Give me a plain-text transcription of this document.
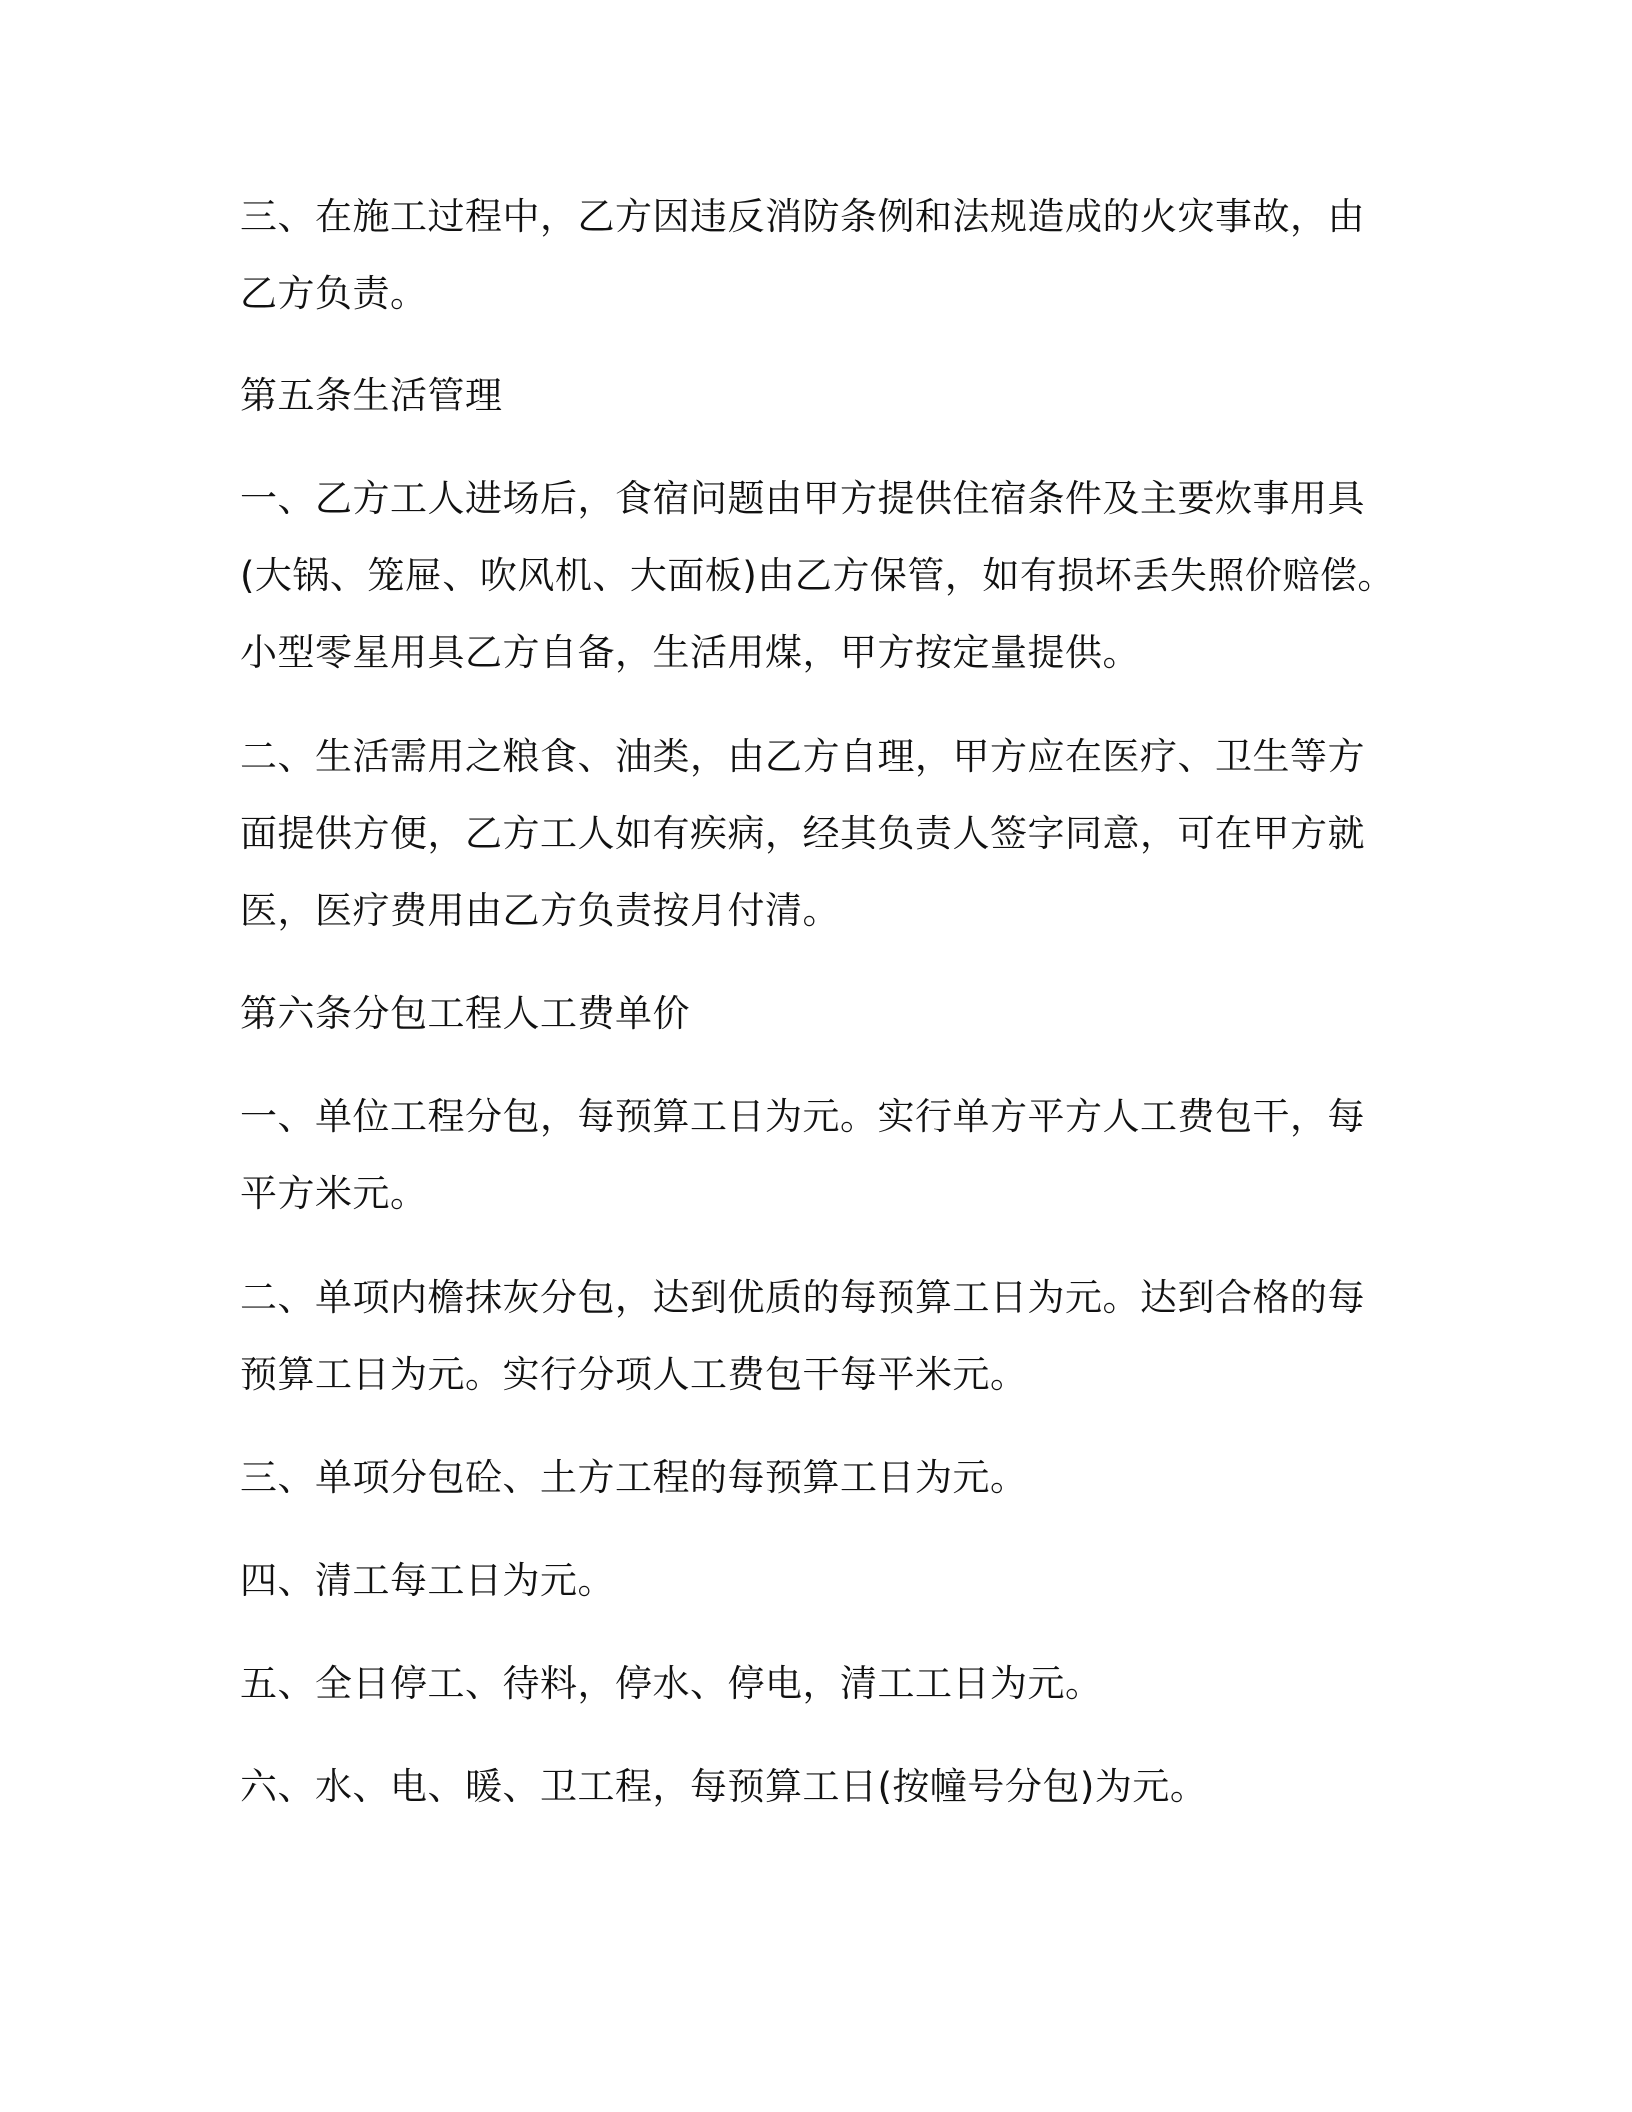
三、在施工过程中，乙方因违反消防条例和法规造成的火灾事故，由
乙方负责。

第五条生活管理

一、乙方工人进场后，食宿问题由甲方提供住宿条件及主要炊事用具
(大锅、笼屉、吹风机、大面板)由乙方保管，如有损坏丢失照价赔偿。
小型零星用具乙方自备，生活用煤，甲方按定量提供。

二、生活需用之粮食、油类，由乙方自理，甲方应在医疗、卫生等方
面提供方便，乙方工人如有疾病，经其负责人签字同意，可在甲方就
医，医疗费用由乙方负责按月付清。

第六条分包工程人工费单价

一、单位工程分包，每预算工日为元。实行单方平方人工费包干，每
平方米元。

二、单项内檐抹灰分包，达到优质的每预算工日为元。达到合格的每
预算工日为元。实行分项人工费包干每平米元。

三、单项分包砼、土方工程的每预算工日为元。

四、清工每工日为元。

五、全日停工、待料，停水、停电，清工工日为元。

六、水、电、暖、卫工程，每预算工日(按幢号分包)为元。
